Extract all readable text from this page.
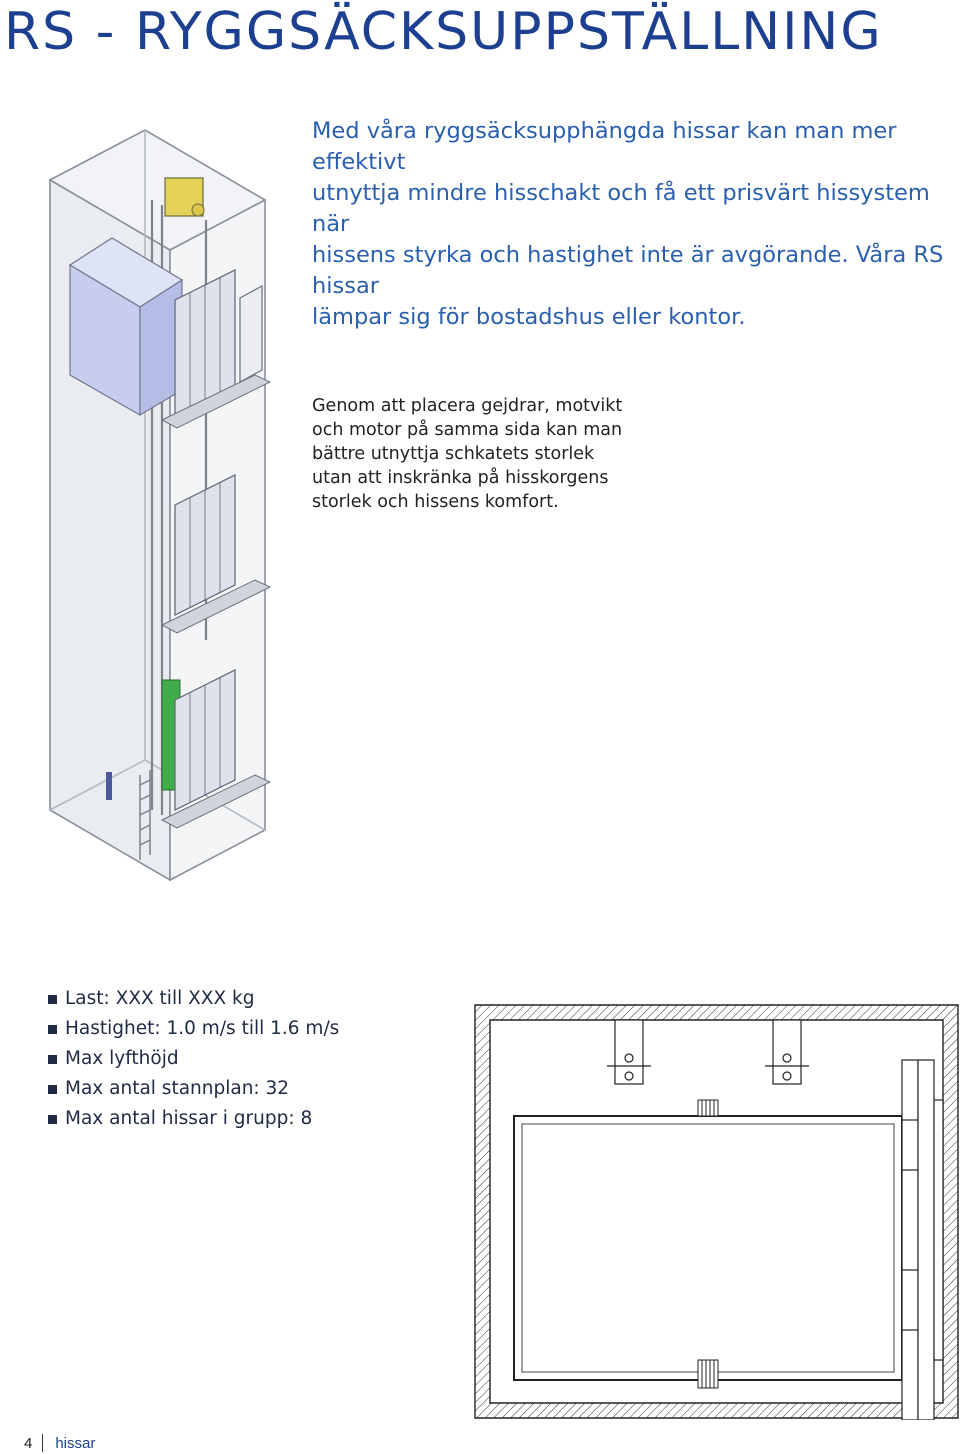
RS - RYGGSÄCKSUPPSTÄLLNING

Med våra ryggsäcksupphängda hissar kan man mer effektivt

utnyttja mindre hisschakt och få ett prisvärt hissystem när

hissens styrka och hastighet inte är avgörande. Våra RS hissar

lämpar sig för bostadshus eller kontor.

Genom att placera gejdrar, motvikt

och motor på samma sida kan man

bättre utnyttja schkatets storlek

utan att inskränka på hisskorgens

storlek och hissens komfort.

Last: XXX till XXX kg
Hastighet: 1.0 m/s till 1.6 m/s
Max lyfthöjd
Max antal stannplan: 32
Max antal hissar i grupp: 8
4 hissar
